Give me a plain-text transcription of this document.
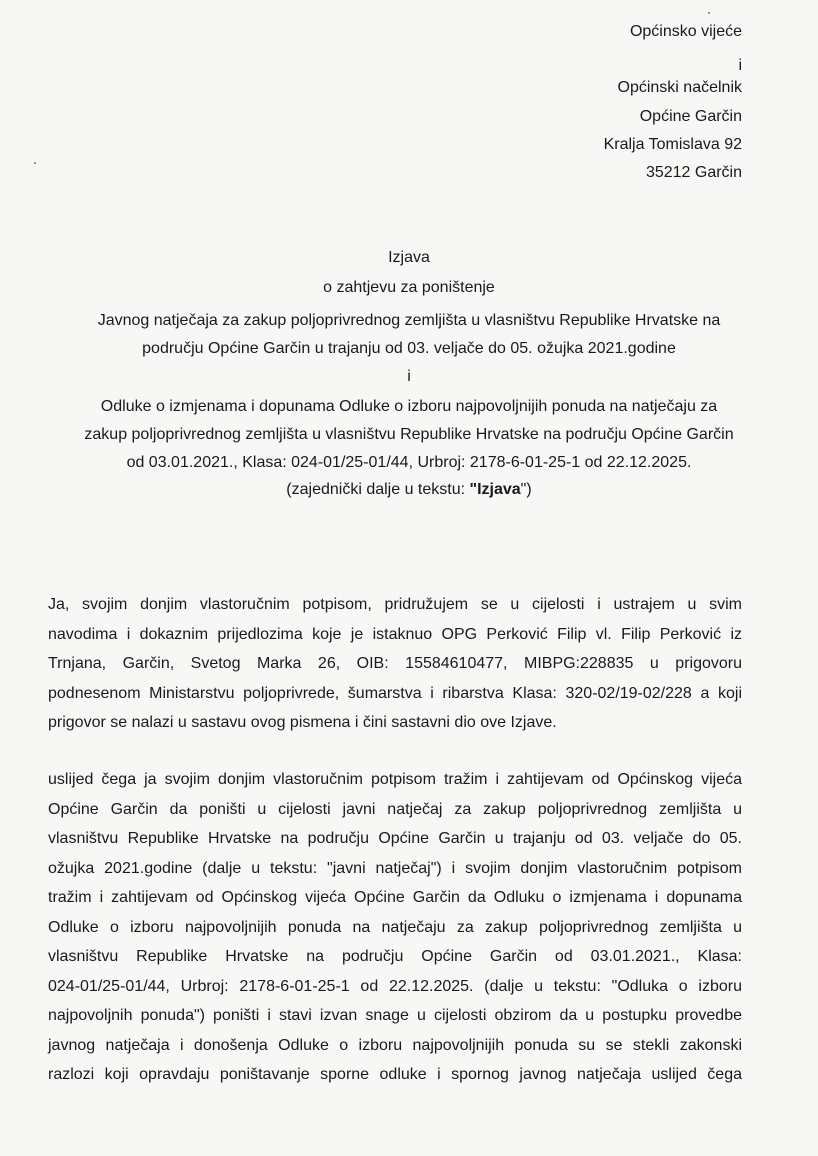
Općinsko vijeće
i
Općinski načelnik
Općine Garčin
Kralja Tomislava 92
35212 Garčin
Izjava
o zahtjevu za poništenje
Javnog natječaja za zakup poljoprivrednog zemljišta u vlasništvu Republike Hrvatske na
području Općine Garčin u trajanju od 03. veljače do 05. ožujka 2021.godine
i
Odluke o izmjenama i dopunama Odluke o izboru najpovoljnijih ponuda na natječaju za
zakup poljoprivrednog zemljišta u vlasništvu Republike Hrvatske na području Općine Garčin
od 03.01.2021., Klasa: 024-01/25-01/44, Urbroj: 2178-6-01-25-1 od 22.12.2025.
(zajednički dalje u tekstu: "Izjava")
Ja, svojim donjim vlastoručnim potpisom, pridružujem se u cijelosti i ustrajem u svim
navodima i dokaznim prijedlozima koje je istaknuo OPG Perković Filip vl. Filip Perković iz
Trnjana, Garčin, Svetog Marka 26, OIB: 15584610477, MIBPG:228835 u prigovoru
podnesenom Ministarstvu poljoprivrede, šumarstva i ribarstva Klasa: 320-02/19-02/228 a koji
prigovor se nalazi u sastavu ovog pismena i čini sastavni dio ove Izjave.
uslijed čega ja svojim donjim vlastoručnim potpisom tražim i zahtijevam od Općinskog vijeća
Općine Garčin da poništi u cijelosti javni natječaj za zakup poljoprivrednog zemljišta u
vlasništvu Republike Hrvatske na području Općine Garčin u trajanju od 03. veljače do 05.
ožujka 2021.godine (dalje u tekstu: "javni natječaj") i svojim donjim vlastoručnim potpisom
tražim i zahtijevam od Općinskog vijeća Općine Garčin da Odluku o izmjenama i dopunama
Odluke o izboru najpovoljnijih ponuda na natječaju za zakup poljoprivrednog zemljišta u
vlasništvu Republike Hrvatske na području Općine Garčin od 03.01.2021., Klasa:
024-01/25-01/44, Urbroj: 2178-6-01-25-1 od 22.12.2025. (dalje u tekstu: "Odluka o izboru
najpovoljnih ponuda") poništi i stavi izvan snage u cijelosti obzirom da u postupku provedbe
javnog natječaja i donošenja Odluke o izboru najpovoljnijih ponuda su se stekli zakonski
razlozi koji opravdaju poništavanje sporne odluke i spornog javnog natječaja uslijed čega
